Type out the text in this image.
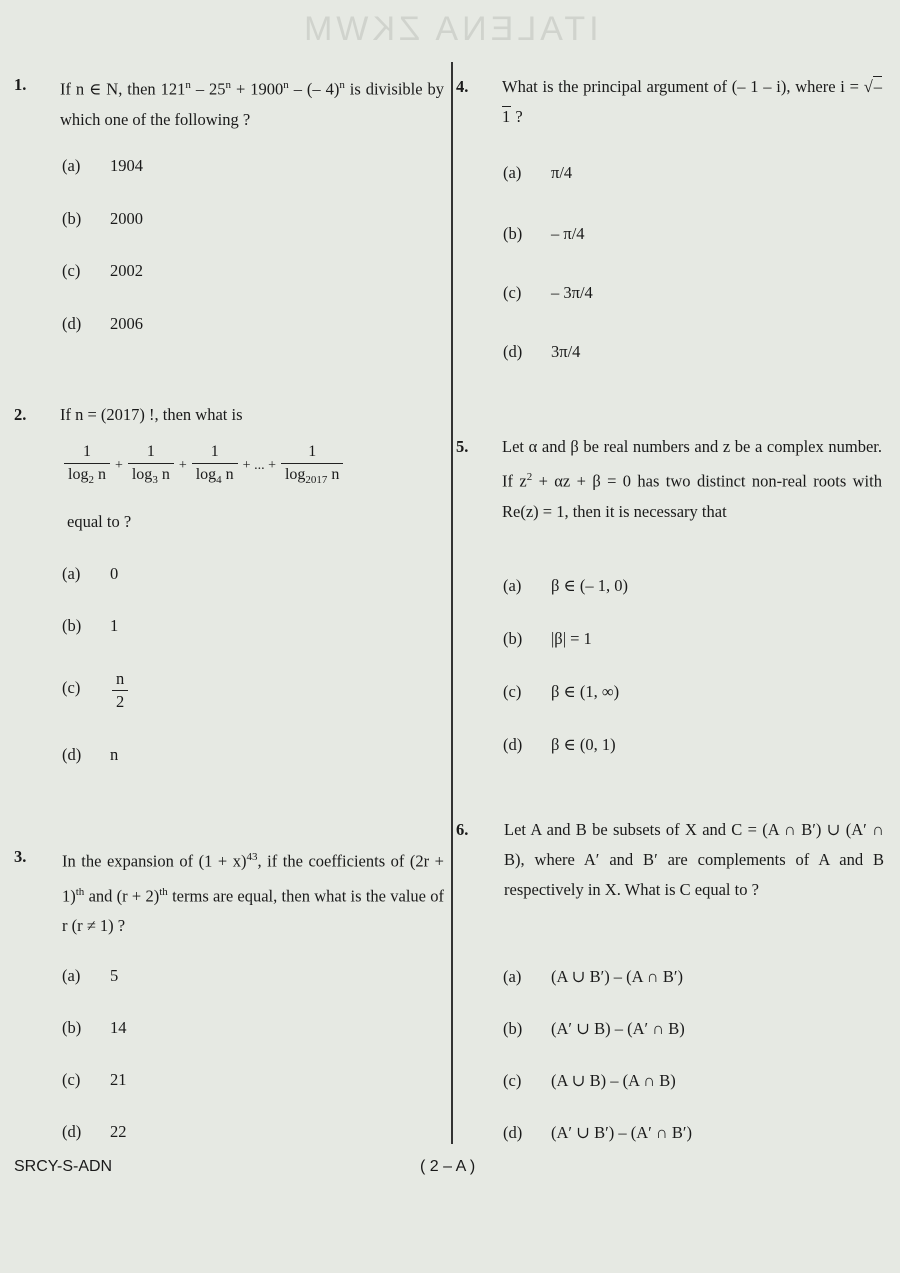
ITALENA ZKWM
1. If n ∈ N, then $121^n - 25^n + 1900^n$ – (– 4)$^n$ is divisible by which one of the following ?
(a) 1904
(b) 2000
(c) 2002
(d) 2006
2. If n = (2017) !, then what is
$\frac{1}{\log_2 n} + \frac{1}{\log_3 n} + \frac{1}{\log_4 n}$ + ... + $\frac{1}{\log_{2017} n}$
equal to ?
(a) 0
(b) 1
$(c) \frac{n}{2}$
(d) n
3. In the expansion of $(1 + x)^{43}$, if the coefficients of $(2r + 1)^{th}$ and $(r + 2)^{th}$ terms are equal, then what is the value of r (r ≠ 1) ?
(a) 5
(b) 14
(c) 21
(d) 22
4. What is the principal argument of (– 1 – i), where i = √– 1 ?
(a) π/4
(b) – π/4
(c) – 3π/4
(d) 3π/4
5. Let α and β be real numbers and z be a complex number. If $z^2 + \alpha z + \beta = 0$ has two distinct non-real roots with Re(z) = 1, then it is necessary that
(a) β ∈ (– 1, 0)
(b) |β| = 1
(c) β ∈ (1, ∞)
(d) β ∈ (0, 1)
6. Let A and B be subsets of X and C = (A ∩ B′) ∪ (A′ ∩ B), where A′ and B′ are complements of A and B respectively in X. What is C equal to ?
(a) (A ∪ B′) – (A ∩ B′)
(b) (A′ ∪ B) – (A′ ∩ B)
(c) (A ∪ B) – (A ∩ B)
(d) (A′ ∪ B′) – (A′ ∩ B′)
SRCY-S-ADN	( 2 – A )
